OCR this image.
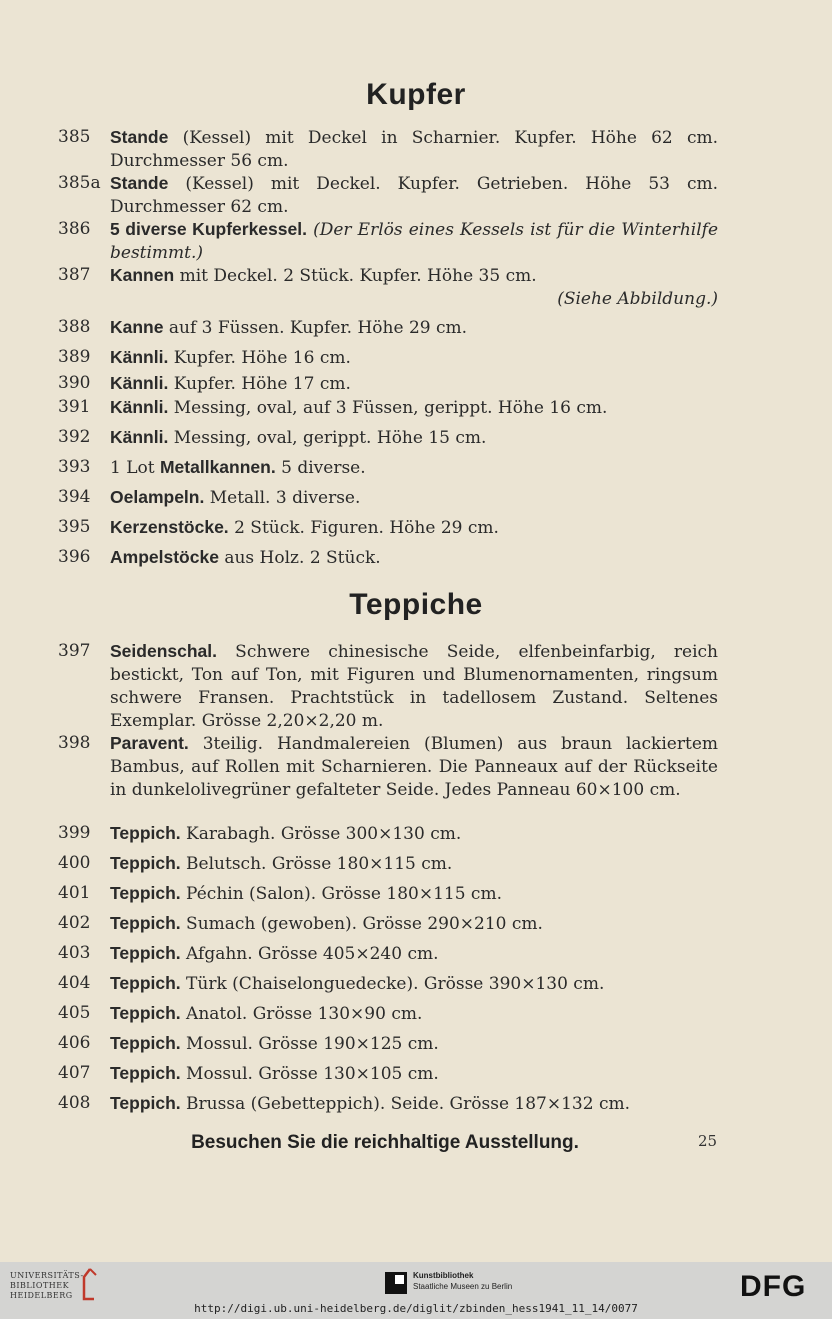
Kupfer
Teppiche
385 Stande (Kessel) mit Deckel in Scharnier. Kupfer. Höhe 62 cm. Durchmesser 56 cm.
385a Stande (Kessel) mit Deckel. Kupfer. Getrieben. Höhe 53 cm. Durchmesser 62 cm.
386 5 diverse Kupferkessel. (Der Erlös eines Kessels ist für die Winterhilfe bestimmt.)
387 Kannen mit Deckel. 2 Stück. Kupfer. Höhe 35 cm.
(Siehe Abbildung.)
388 Kanne auf 3 Füssen. Kupfer. Höhe 29 cm.
389 Kännli. Kupfer. Höhe 16 cm.
390 Kännli. Kupfer. Höhe 17 cm.
391 Kännli. Messing, oval, auf 3 Füssen, gerippt. Höhe 16 cm.
392 Kännli. Messing, oval, gerippt. Höhe 15 cm.
393 1 Lot Metallkannen. 5 diverse.
394 Oelampeln. Metall. 3 diverse.
395 Kerzenstöcke. 2 Stück. Figuren. Höhe 29 cm.
396 Ampelstöcke aus Holz. 2 Stück.
397 Seidenschal. Schwere chinesische Seide, elfenbeinfarbig, reich bestickt, Ton auf Ton, mit Figuren und Blumenornamenten, ringsum schwere Fransen. Prachtstück in tadellosem Zustand. Seltenes Exemplar. Grösse 2,20×2,20 m.
398 Paravent. 3teilig. Handmalereien (Blumen) aus braun lackiertem Bambus, auf Rollen mit Scharnieren. Die Panneaux auf der Rückseite in dunkelolivegrüner gefalteter Seide. Jedes Panneau 60×100 cm.
399 Teppich. Karabagh. Grösse 300×130 cm.
400 Teppich. Belutsch. Grösse 180×115 cm.
401 Teppich. Péchin (Salon). Grösse 180×115 cm.
402 Teppich. Sumach (gewoben). Grösse 290×210 cm.
403 Teppich. Afgahn. Grösse 405×240 cm.
404 Teppich. Türk (Chaiselonguedecke). Grösse 390×130 cm.
405 Teppich. Anatol. Grösse 130×90 cm.
406 Teppich. Mossul. Grösse 190×125 cm.
407 Teppich. Mossul. Grösse 130×105 cm.
408 Teppich. Brussa (Gebetteppich). Seide. Grösse 187×132 cm.
Besuchen Sie die reichhaltige Ausstellung.	25
UNIVERSITÄTS-
BIBLIOTHEK
HEIDELBERG
Kunstbibliothek
Staatliche Museen zu Berlin	DFG
http://digi.ub.uni-heidelberg.de/diglit/zbinden_hess1941_11_14/0077
